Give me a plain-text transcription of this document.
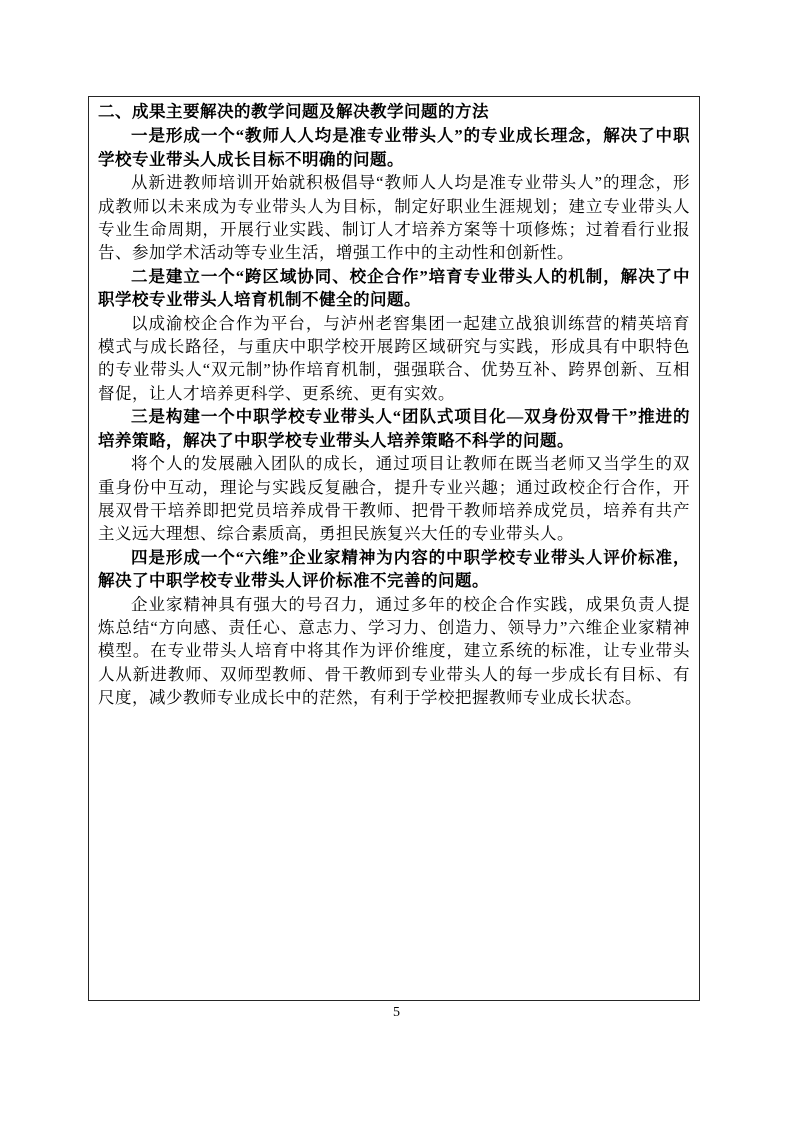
二、成果主要解决的教学问题及解决教学问题的方法

一是形成一个“教师人人均是准专业带头人”的专业成长理念，解决了中职学校专业带头人成长目标不明确的问题。

从新进教师培训开始就积极倡导“教师人人均是准专业带头人”的理念，形成教师以未来成为专业带头人为目标，制定好职业生涯规划；建立专业带头人专业生命周期，开展行业实践、制订人才培养方案等十项修炼；过着看行业报告、参加学术活动等专业生活，增强工作中的主动性和创新性。

二是建立一个“跨区域协同、校企合作”培育专业带头人的机制，解决了中职学校专业带头人培育机制不健全的问题。

以成渝校企合作为平台，与泸州老窖集团一起建立战狼训练营的精英培育模式与成长路径，与重庆中职学校开展跨区域研究与实践，形成具有中职特色的专业带头人“双元制”协作培育机制，强强联合、优势互补、跨界创新、互相督促，让人才培养更科学、更系统、更有实效。

三是构建一个中职学校专业带头人“团队式项目化—双身份双骨干”推进的培养策略，解决了中职学校专业带头人培养策略不科学的问题。

将个人的发展融入团队的成长，通过项目让教师在既当老师又当学生的双重身份中互动，理论与实践反复融合，提升专业兴趣；通过政校企行合作，开展双骨干培养即把党员培养成骨干教师、把骨干教师培养成党员，培养有共产主义远大理想、综合素质高，勇担民族复兴大任的专业带头人。

四是形成一个“六维”企业家精神为内容的中职学校专业带头人评价标准，解决了中职学校专业带头人评价标准不完善的问题。

企业家精神具有强大的号召力，通过多年的校企合作实践，成果负责人提炼总结“方向感、责任心、意志力、学习力、创造力、领导力”六维企业家精神模型。在专业带头人培育中将其作为评价维度，建立系统的标准，让专业带头人从新进教师、双师型教师、骨干教师到专业带头人的每一步成长有目标、有尺度，减少教师专业成长中的茫然，有利于学校把握教师专业成长状态。

5
